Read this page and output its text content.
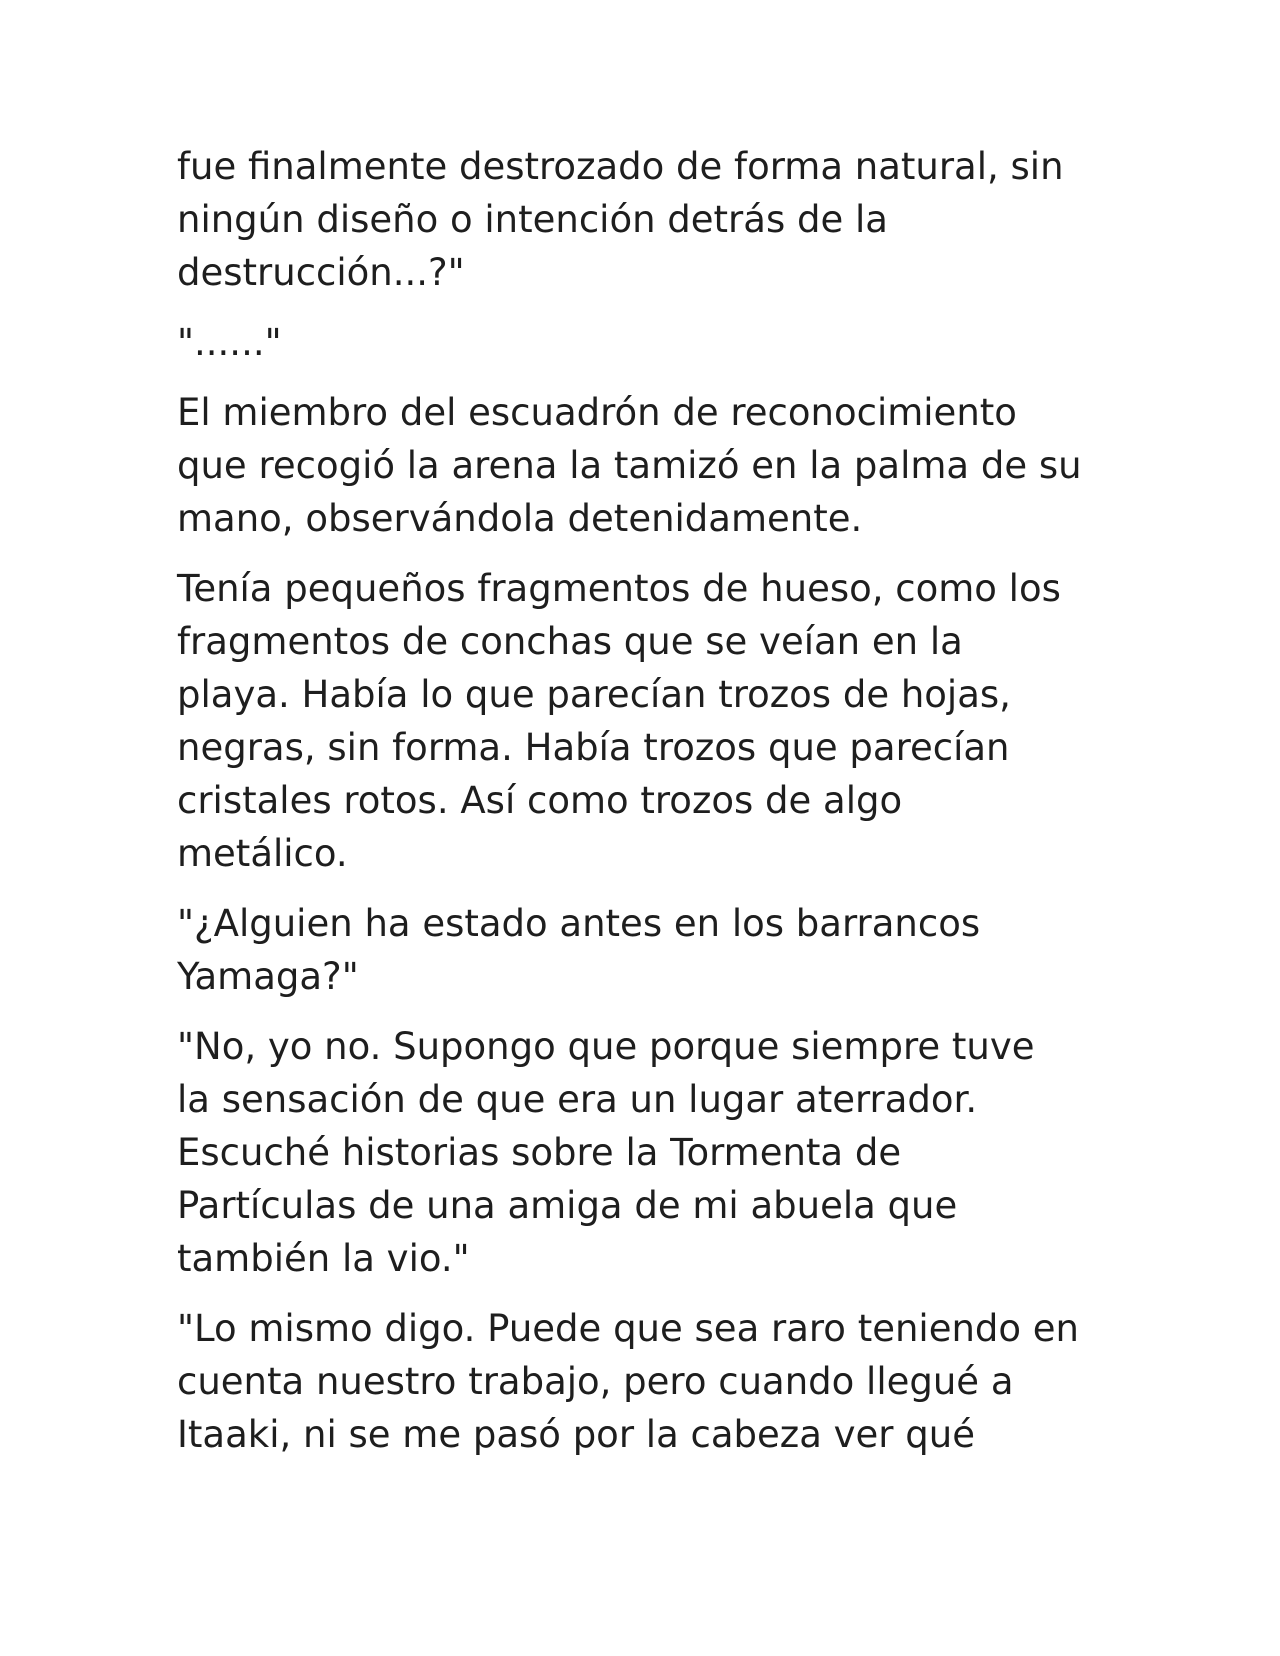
fue finalmente destrozado de forma natural, sin
ningún diseño o intención detrás de la
destrucción...?"

"......"

El miembro del escuadrón de reconocimiento
que recogió la arena la tamizó en la palma de su
mano, observándola detenidamente.

Tenía pequeños fragmentos de hueso, como los
fragmentos de conchas que se veían en la
playa. Había lo que parecían trozos de hojas,
negras, sin forma. Había trozos que parecían
cristales rotos. Así como trozos de algo
metálico.

"¿Alguien ha estado antes en los barrancos
Yamaga?"

"No, yo no. Supongo que porque siempre tuve
la sensación de que era un lugar aterrador.
Escuché historias sobre la Tormenta de
Partículas de una amiga de mi abuela que
también la vio."

"Lo mismo digo. Puede que sea raro teniendo en
cuenta nuestro trabajo, pero cuando llegué a
Itaaki, ni se me pasó por la cabeza ver qué
